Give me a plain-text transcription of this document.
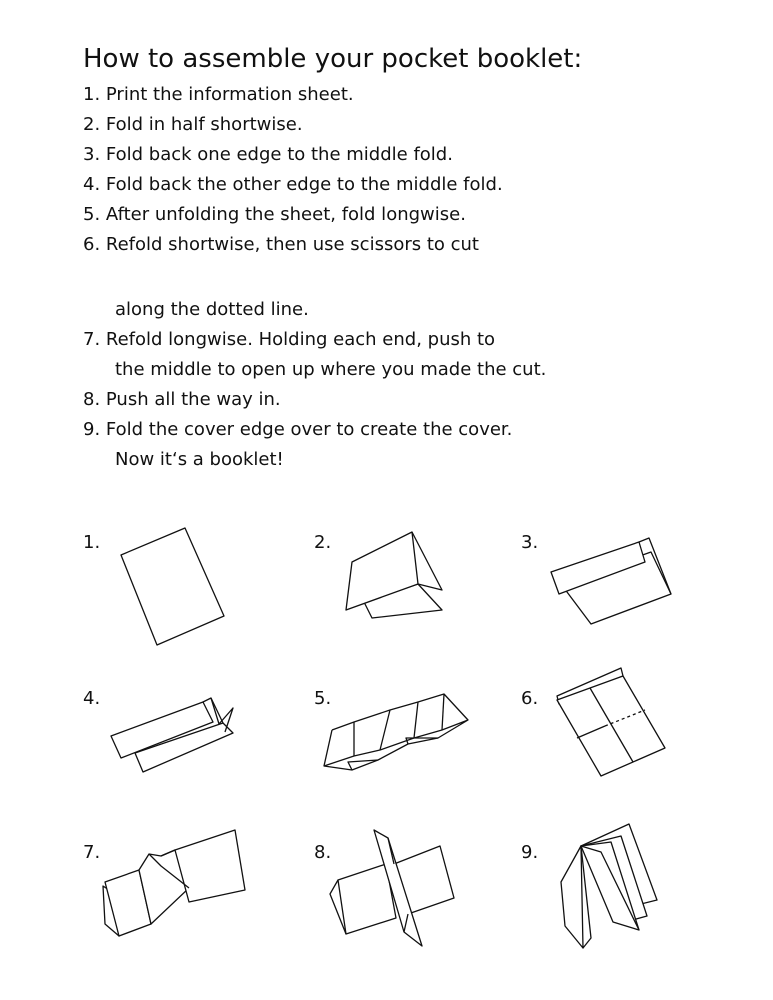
How to assemble your pocket booklet:
1. Print the information sheet.
2. Fold in half shortwise.
3. Fold back one edge to the middle fold.
4. Fold back the other edge to the middle fold.
5. After unfolding the sheet, fold longwise.
6. Refold shortwise, then use scissors to cut
along the dotted line.
7. Refold longwise. Holding each end, push to
the middle to open up where you made the cut.
8. Push all the way in.
9. Fold the cover edge over to create the cover.
Now it‘s a booklet!
1.	2.	3.
4.	5.	6.
7.	8.	9.
